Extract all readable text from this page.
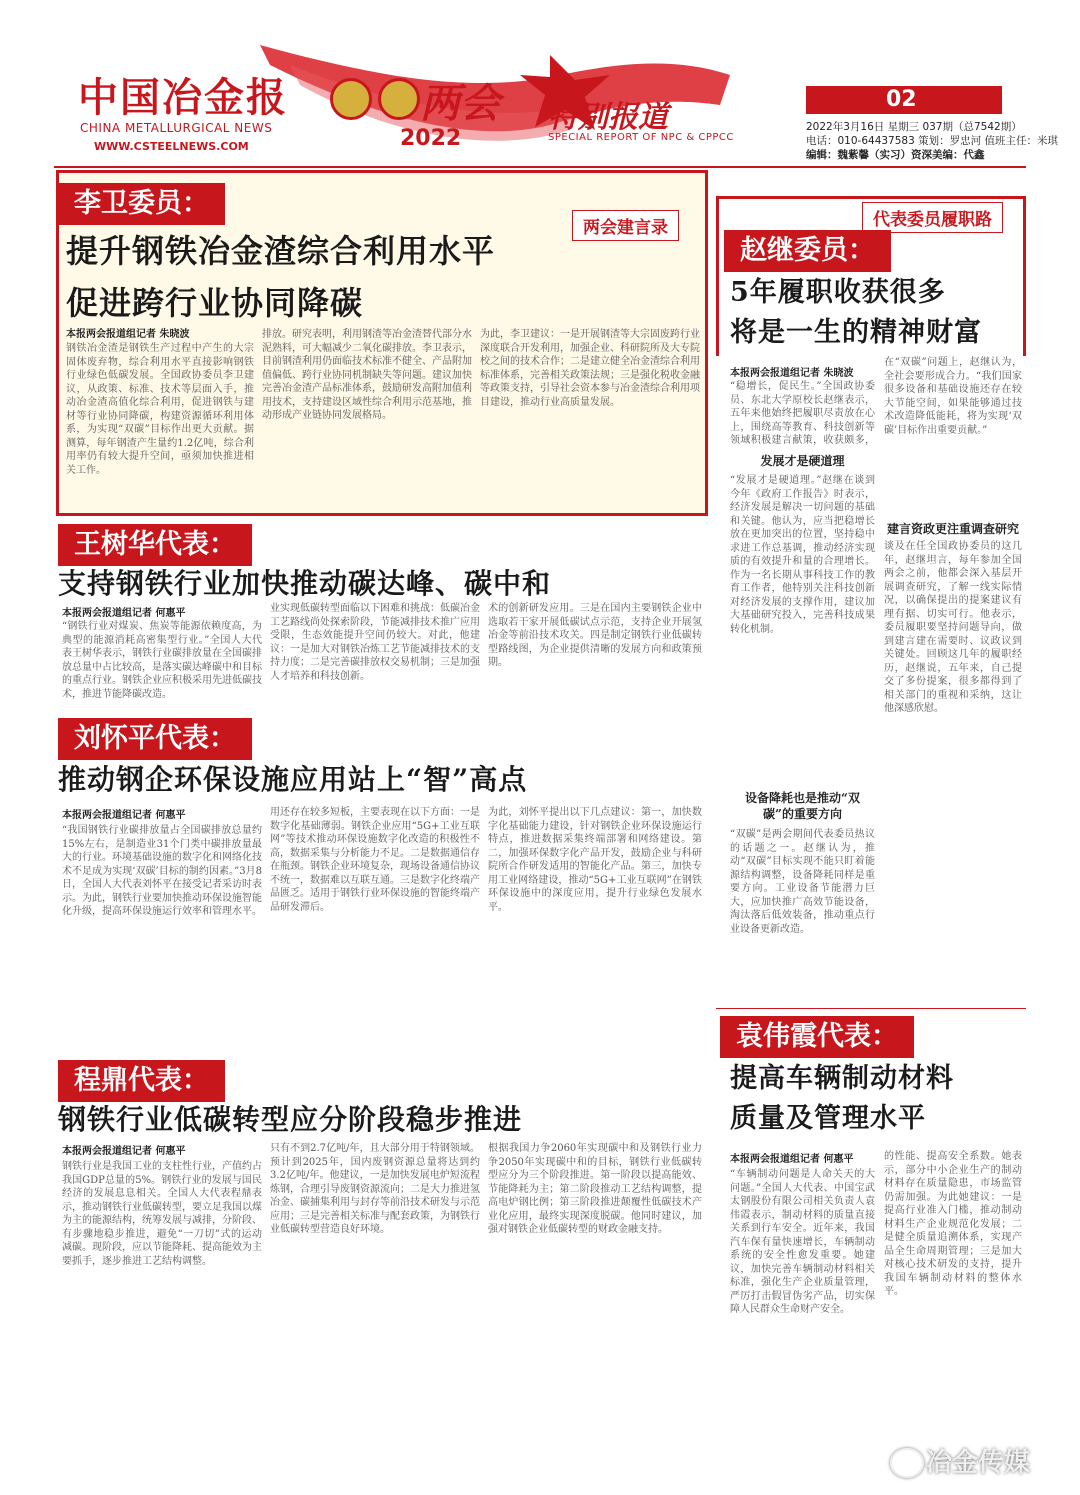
中国冶金报
CHINA METALLURGICAL NEWS
WWW.CSTEELNEWS.COM
两会
2022
特别报道
SPECIAL REPORT OF NPC & CPPCC
02
2022年3月16日 星期三 037期（总7542期）
电话：010-64437583 策划：罗忠河 值班主任：米琪
编辑：魏紫馨（实习）资深美编：代鑫
李卫委员：
两会建言录
提升钢铁冶金渣综合利用水平
促进跨行业协同降碳
本报两会报道组记者 朱晓波
钢铁冶金渣是钢铁生产过程中产生的大宗固体废弃物，综合利用水平直接影响钢铁行业绿色低碳发展。全国政协委员李卫建议，从政策、标准、技术等层面入手，推动冶金渣高值化综合利用，促进钢铁与建材等行业协同降碳，构建资源循环利用体系，为实现“双碳”目标作出更大贡献。据测算，每年钢渣产生量约1.2亿吨，综合利用率仍有较大提升空间，亟须加快推进相关工作。
排放。研究表明，利用钢渣等冶金渣替代部分水泥熟料，可大幅减少二氧化碳排放。李卫表示，目前钢渣利用仍面临技术标准不健全、产品附加值偏低、跨行业协同机制缺失等问题。建议加快完善冶金渣产品标准体系，鼓励研发高附加值利用技术，支持建设区域性综合利用示范基地，推动形成产业链协同发展格局。
为此，李卫建议：一是开展钢渣等大宗固废跨行业深度联合开发利用，加强企业、科研院所及大专院校之间的技术合作；二是建立健全冶金渣综合利用标准体系，完善相关政策法规；三是强化税收金融等政策支持，引导社会资本参与冶金渣综合利用项目建设，推动行业高质量发展。
王树华代表：
支持钢铁行业加快推动碳达峰、碳中和
本报两会报道组记者 何惠平
“钢铁行业对煤炭、焦炭等能源依赖度高，为典型的能源消耗高密集型行业。”全国人大代表王树华表示，钢铁行业碳排放量在全国碳排放总量中占比较高，是落实碳达峰碳中和目标的重点行业。钢铁企业应积极采用先进低碳技术，推进节能降碳改造。
业实现低碳转型面临以下困难和挑战：低碳冶金工艺路线尚处探索阶段，节能减排技术推广应用受限，生态效能提升空间仍较大。对此，他建议：一是加大对钢铁冶炼工艺节能减排技术的支持力度；二是完善碳排放权交易机制；三是加强人才培养和科技创新。
术的创新研发应用。三是在国内主要钢铁企业中选取若干家开展低碳试点示范，支持企业开展氢冶金等前沿技术攻关。四是制定钢铁行业低碳转型路线图，为企业提供清晰的发展方向和政策预期。
刘怀平代表：
推动钢企环保设施应用站上“智”高点
本报两会报道组记者 何惠平
“我国钢铁行业碳排放量占全国碳排放总量约15%左右，是制造业31个门类中碳排放量最大的行业。环境基础设施的数字化和网络化技术不足成为实现‘双碳’目标的制约因素。”3月8日，全国人大代表刘怀平在接受记者采访时表示。为此，钢铁行业要加快推动环保设施智能化升级，提高环保设施运行效率和管理水平。
用还存在较多短板，主要表现在以下方面：一是数字化基础薄弱。钢铁企业应用“5G+工业互联网”等技术推动环保设施数字化改造的积极性不高，数据采集与分析能力不足。二是数据通信存在瓶颈。钢铁企业环境复杂，现场设备通信协议不统一，数据难以互联互通。三是数字化终端产品匮乏。适用于钢铁行业环保设施的智能终端产品研发滞后。
为此，刘怀平提出以下几点建议：第一，加快数字化基础能力建设，针对钢铁企业环保设施运行特点，推进数据采集终端部署和网络建设。第二，加强环保数字化产品开发，鼓励企业与科研院所合作研发适用的智能化产品。第三，加快专用工业网络建设，推动“5G+工业互联网”在钢铁环保设施中的深度应用，提升行业绿色发展水平。
程鼎代表：
钢铁行业低碳转型应分阶段稳步推进
本报两会报道组记者 何惠平
钢铁行业是我国工业的支柱性行业，产值约占我国GDP总量的5%。钢铁行业的发展与国民经济的发展息息相关。全国人大代表程鼎表示，推动钢铁行业低碳转型，要立足我国以煤为主的能源结构，统筹发展与减排，分阶段、有步骤地稳步推进，避免“一刀切”式的运动减碳。现阶段，应以节能降耗、提高能效为主要抓手，逐步推进工艺结构调整。
只有不到2.7亿吨/年，且大部分用于特钢领域。预计到2025年，国内废钢资源总量将达到约3.2亿吨/年。他建议，一是加快发展电炉短流程炼钢，合理引导废钢资源流向；二是大力推进氢冶金、碳捕集利用与封存等前沿技术研发与示范应用；三是完善相关标准与配套政策，为钢铁行业低碳转型营造良好环境。
根据我国力争2060年实现碳中和及钢铁行业力争2050年实现碳中和的目标，钢铁行业低碳转型应分为三个阶段推进。第一阶段以提高能效、节能降耗为主；第二阶段推动工艺结构调整，提高电炉钢比例；第三阶段推进颠覆性低碳技术产业化应用，最终实现深度脱碳。他同时建议，加强对钢铁企业低碳转型的财政金融支持。
代表委员履职路
赵继委员：
5年履职收获很多
将是一生的精神财富
本报两会报道组记者 朱晓波
“稳增长，促民生。”全国政协委员、东北大学原校长赵继表示，五年来他始终把履职尽责放在心上，围绕高等教育、科技创新等领域积极建言献策，收获颇多，
发展才是硬道理
“发展才是硬道理。”赵继在谈到今年《政府工作报告》时表示，经济发展是解决一切问题的基础和关键。他认为，应当把稳增长放在更加突出的位置，坚持稳中求进工作总基调，推动经济实现质的有效提升和量的合理增长。作为一名长期从事科技工作的教育工作者，他特别关注科技创新对经济发展的支撑作用，建议加大基础研究投入，完善科技成果转化机制。
设备降耗也是推动“双碳”的重要方向
“双碳”是两会期间代表委员热议的话题之一。赵继认为，推动“双碳”目标实现不能只盯着能源结构调整，设备降耗同样是重要方向。工业设备节能潜力巨大，应加快推广高效节能设备，淘汰落后低效装备，推动重点行业设备更新改造。
在“双碳”问题上，赵继认为，全社会要形成合力。“我们国家很多设备和基础设施还存在较大节能空间，如果能够通过技术改造降低能耗，将为实现‘双碳’目标作出重要贡献。”
建言资政更注重调查研究
谈及在任全国政协委员的这几年，赵继坦言，每年参加全国两会之前，他都会深入基层开展调查研究，了解一线实际情况，以确保提出的提案建议有理有据、切实可行。他表示，委员履职要坚持问题导向，做到建言建在需要时、议政议到关键处。回顾这几年的履职经历，赵继说，五年来，自己提交了多份提案，很多都得到了相关部门的重视和采纳，这让他深感欣慰。
袁伟霞代表：
提高车辆制动材料
质量及管理水平
本报两会报道组记者 何惠平
“车辆制动问题是人命关天的大问题。”全国人大代表、中国宝武太钢股份有限公司相关负责人袁伟霞表示，制动材料的质量直接关系到行车安全。近年来，我国汽车保有量快速增长，车辆制动系统的安全性愈发重要。她建议，加快完善车辆制动材料相关标准，强化生产企业质量管理，严厉打击假冒伪劣产品，切实保障人民群众生命财产安全。
的性能、提高安全系数。她表示，部分中小企业生产的制动材料存在质量隐患，市场监管仍需加强。为此她建议：一是提高行业准入门槛，推动制动材料生产企业规范化发展；二是健全质量追溯体系，实现产品全生命周期管理；三是加大对核心技术研发的支持，提升我国车辆制动材料的整体水平。
冶金传媒
